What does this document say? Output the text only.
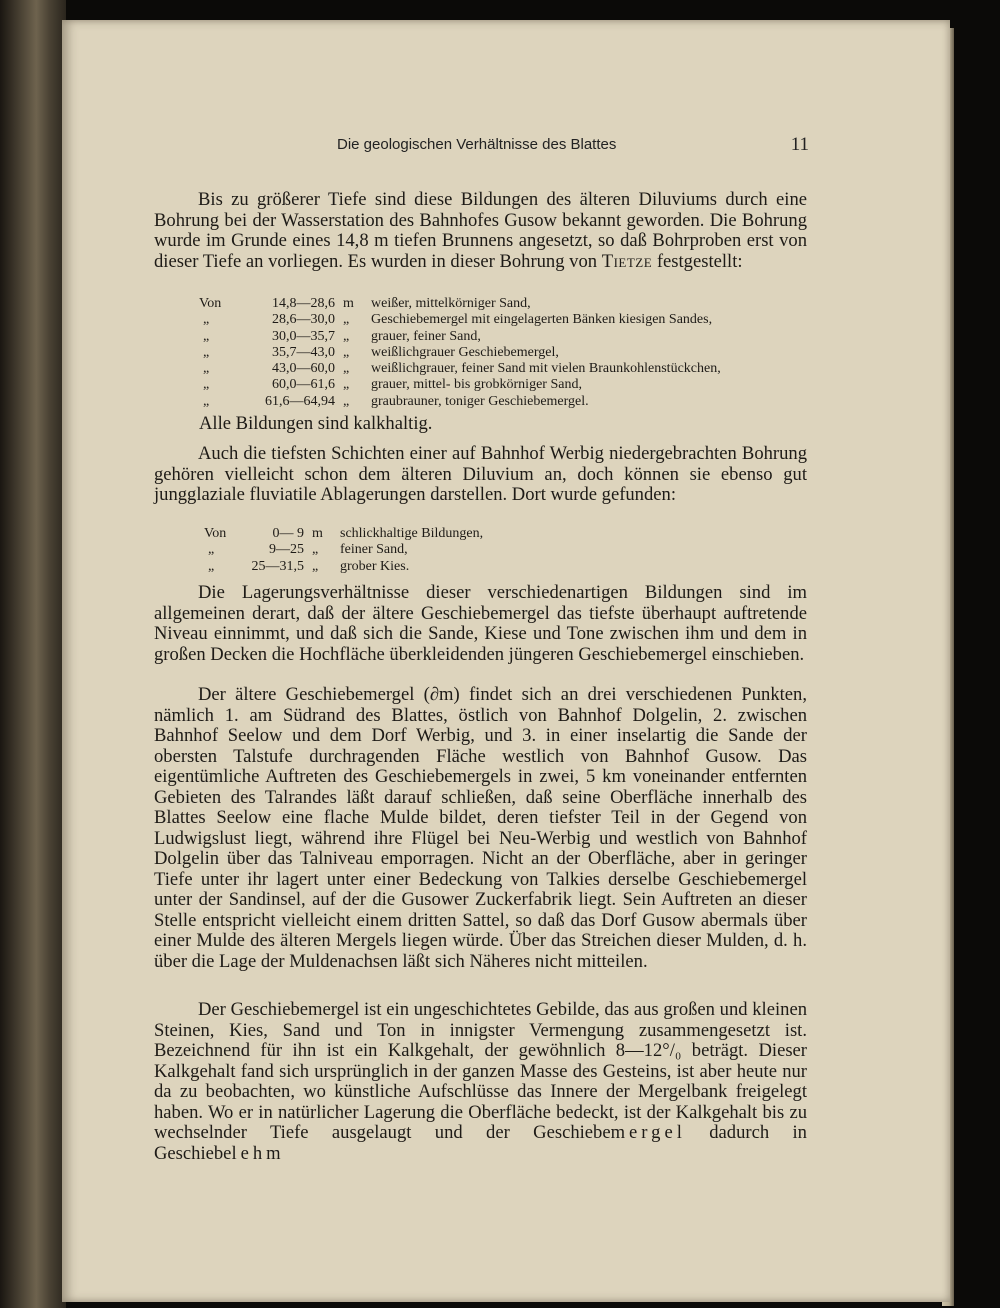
Die geologischen Verhältnisse des Blattes	11
Bis zu größerer Tiefe sind diese Bildungen des älteren Diluviums durch eine Bohrung bei der Wasserstation des Bahnhofes Gusow bekannt geworden. Die Bohrung wurde im Grunde eines 14,8 m tiefen Brunnens angesetzt, so daß Bohrproben erst von dieser Tiefe an vorliegen. Es wurden in dieser Bohrung von Tietze festgestellt:
Von	14,8—28,6	m	weißer, mittelkörniger Sand,
„	28,6—30,0	„	Geschiebemergel mit eingelagerten Bänken kiesigen Sandes,
„	30,0—35,7	„	grauer, feiner Sand,
„	35,7—43,0	„	weißlichgrauer Geschiebemergel,
„	43,0—60,0	„	weißlichgrauer, feiner Sand mit vielen Braunkohlenstückchen,
„	60,0—61,6	„	grauer, mittel- bis grobkörniger Sand,
„	61,6—64,94	„	graubrauner, toniger Geschiebemergel.
Alle Bildungen sind kalkhaltig.
Auch die tiefsten Schichten einer auf Bahnhof Werbig niedergebrachten Bohrung gehören vielleicht schon dem älteren Diluvium an, doch können sie ebenso gut jungglaziale fluviatile Ablagerungen darstellen. Dort wurde gefunden:
Von	0— 9	m	schlickhaltige Bildungen,
„	9—25	„	feiner Sand,
„	25—31,5	„	grober Kies.
Die Lagerungsverhältnisse dieser verschiedenartigen Bildungen sind im allgemeinen derart, daß der ältere Geschiebemergel das tiefste überhaupt auftretende Niveau einnimmt, und daß sich die Sande, Kiese und Tone zwischen ihm und dem in großen Decken die Hochfläche überkleidenden jüngeren Geschiebemergel einschieben.
Der ältere Geschiebemergel (∂m) findet sich an drei verschiedenen Punkten, nämlich 1. am Südrand des Blattes, östlich von Bahnhof Dolgelin, 2. zwischen Bahnhof Seelow und dem Dorf Werbig, und 3. in einer inselartig die Sande der obersten Talstufe durchragenden Fläche westlich von Bahnhof Gusow. Das eigentümliche Auftreten des Geschiebemergels in zwei, 5 km voneinander entfernten Gebieten des Talrandes läßt darauf schließen, daß seine Oberfläche innerhalb des Blattes Seelow eine flache Mulde bildet, deren tiefster Teil in der Gegend von Ludwigslust liegt, während ihre Flügel bei Neu-Werbig und westlich von Bahnhof Dolgelin über das Talniveau emporragen. Nicht an der Oberfläche, aber in geringer Tiefe unter ihr lagert unter einer Bedeckung von Talkies derselbe Geschiebemergel unter der Sandinsel, auf der die Gusower Zuckerfabrik liegt. Sein Auftreten an dieser Stelle entspricht vielleicht einem dritten Sattel, so daß das Dorf Gusow abermals über einer Mulde des älteren Mergels liegen würde. Über das Streichen dieser Mulden, d. h. über die Lage der Muldenachsen läßt sich Näheres nicht mitteilen.
Der Geschiebemergel ist ein ungeschichtetes Gebilde, das aus großen und kleinen Steinen, Kies, Sand und Ton in innigster Vermengung zusammengesetzt ist. Bezeichnend für ihn ist ein Kalkgehalt, der gewöhnlich 8—12°/₀ beträgt. Dieser Kalkgehalt fand sich ursprünglich in der ganzen Masse des Gesteins, ist aber heute nur da zu beobachten, wo künstliche Aufschlüsse das Innere der Mergelbank freigelegt haben. Wo er in natürlicher Lagerung die Oberfläche bedeckt, ist der Kalkgehalt bis zu wechselnder Tiefe ausgelaugt und der Geschiebemergel dadurch in Geschiebelehm
